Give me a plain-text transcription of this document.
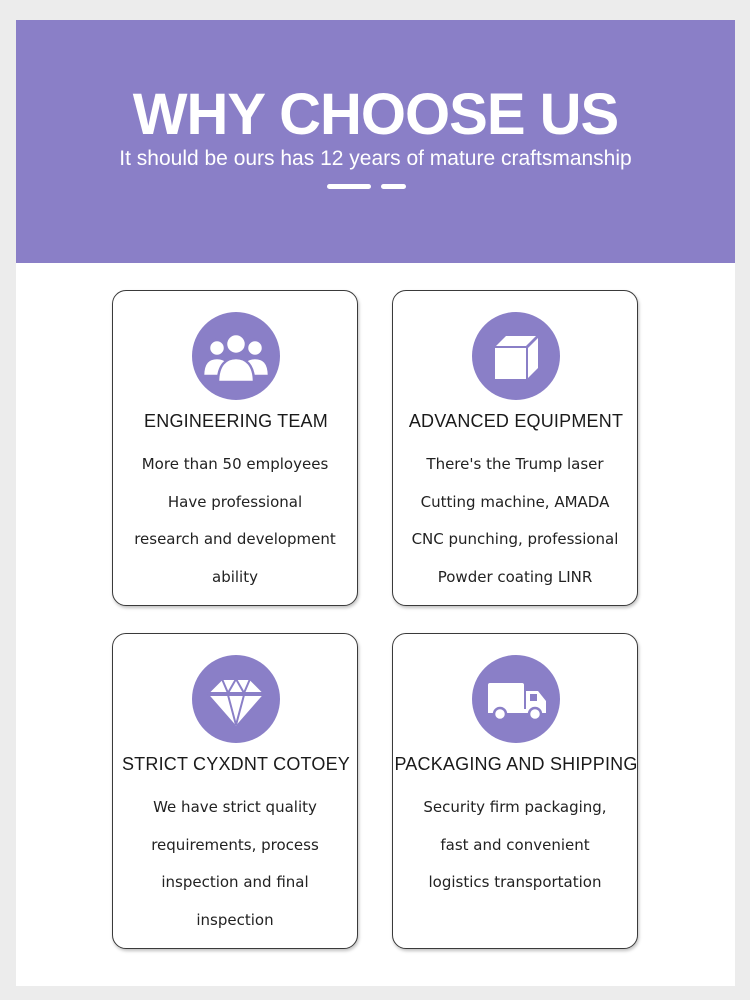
WHY CHOOSE US

It should be ours has 12 years of mature craftsmanship

ENGINEERING TEAM
More than 50 employees
Have professional
research and development
ability
ADVANCED EQUIPMENT
There's the Trump laser
Cutting machine, AMADA
CNC punching, professional
Powder coating LINR
STRICT CYXDNT COTOEY
We have strict quality
requirements, process
inspection and final
inspection
PACKAGING AND SHIPPING
Security firm packaging,
fast and convenient
logistics transportation
